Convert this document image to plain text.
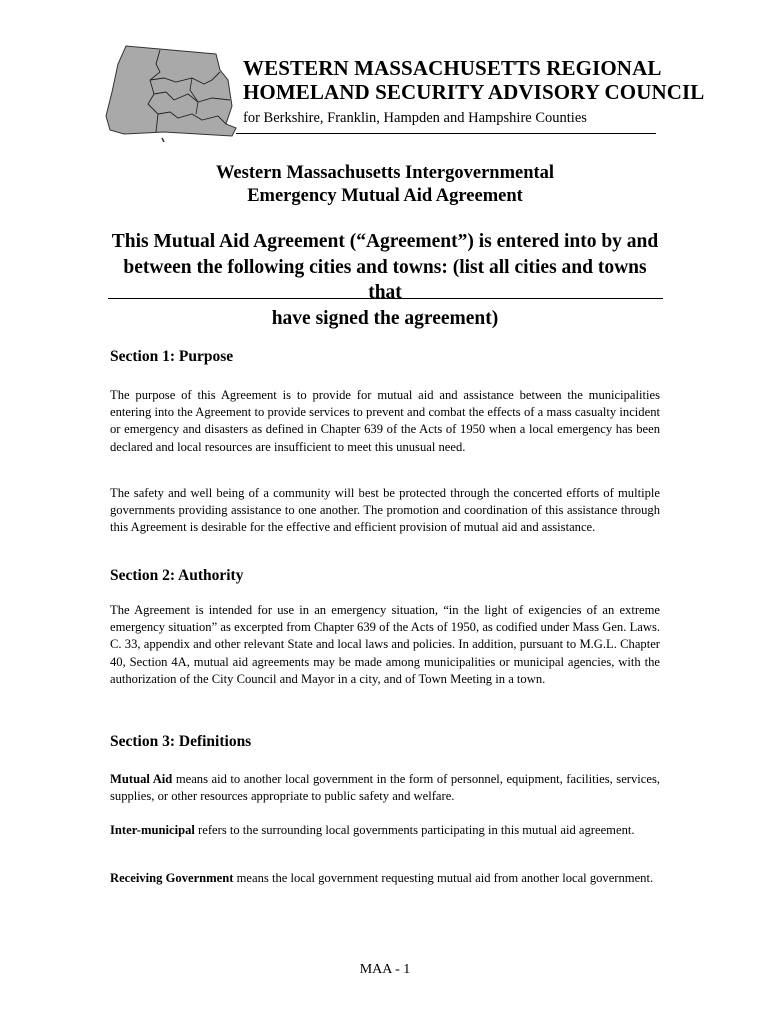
WESTERN MASSACHUSETTS REGIONAL
HOMELAND SECURITY ADVISORY COUNCIL
for Berkshire, Franklin, Hampden and Hampshire Counties
Western Massachusetts Intergovernmental
Emergency Mutual Aid Agreement
This Mutual Aid Agreement (“Agreement”) is entered into by and
between the following cities and towns: (list all cities and towns that
have signed the agreement)
Section 1: Purpose
The purpose of this Agreement is to provide for mutual aid and assistance between the municipalities entering into the Agreement to provide services to prevent and combat the effects of a mass casualty incident or emergency and disasters as defined in Chapter 639 of the Acts of 1950 when a local emergency has been declared and local resources are insufficient to meet this unusual need.
The safety and well being of a community will best be protected through the concerted efforts of multiple governments providing assistance to one another. The promotion and coordination of this assistance through this Agreement is desirable for the effective and efficient provision of mutual aid and assistance.
Section 2: Authority
The Agreement is intended for use in an emergency situation, “in the light of exigencies of an extreme emergency situation” as excerpted from Chapter 639 of the Acts of 1950, as codified under Mass Gen. Laws. C. 33, appendix and other relevant State and local laws and policies. In addition, pursuant to M.G.L. Chapter 40, Section 4A, mutual aid agreements may be made among municipalities or municipal agencies, with the authorization of the City Council and Mayor in a city, and of Town Meeting in a town.
Section 3: Definitions
Mutual Aid means aid to another local government in the form of personnel, equipment, facilities, services, supplies, or other resources appropriate to public safety and welfare.
Inter-municipal refers to the surrounding local governments participating in this mutual aid agreement.
Receiving Government means the local government requesting mutual aid from another local government.
MAA - 1
